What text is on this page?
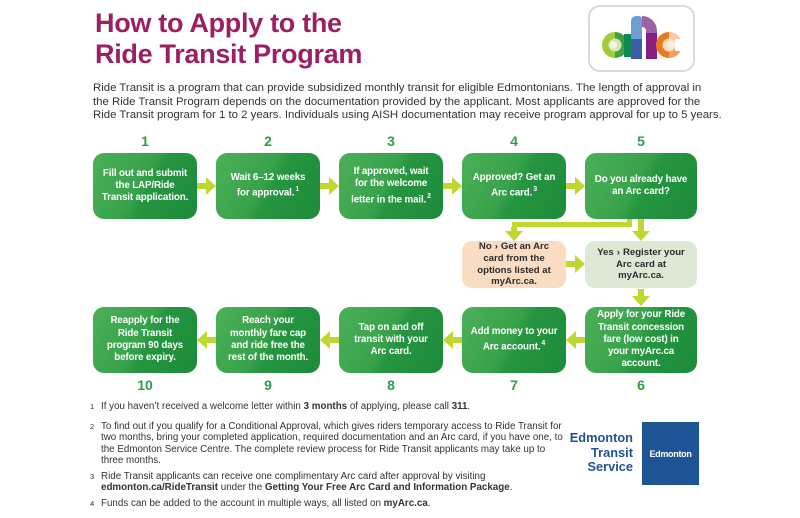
How to Apply to the
Ride Transit Program
Ride Transit is a program that can provide subsidized monthly transit for eligible Edmontonians. The length of approval in
the Ride Transit Program depends on the documentation provided by the applicant. Most applicants are approved for the
Ride Transit program for 1 to 2 years. Individuals using AISH documentation may receive program approval for up to 5 years.
1	2	3	4	5
Fill out and submit the LAP/Ride Transit application.
Wait 6–12 weeks for approval.$^1$
If approved, wait for the welcome letter in the mail.$^2$
Approved? Get an Arc card.$^3$
Do you already have an Arc card?
No › Get an Arc card from the options listed at myArc.ca.
Yes › Register your Arc card at myArc.ca.
Reapply for the Ride Transit program 90 days before expiry.
Reach your monthly fare cap and ride free the rest of the month.
Tap on and off transit with your Arc card.
Add money to your Arc account.$^4$
Apply for your Ride Transit concession fare (low cost) in your myArc.ca account.
10	9	8	7	6
$^1$ If you haven’t received a welcome letter within 3 months of applying, please call 311.
$^2$ To find out if you qualify for a Conditional Approval, which gives riders temporary access to Ride Transit for two months, bring your completed application, required documentation and an Arc card, if you have one, to the Edmonton Service Centre. The complete review process for Ride Transit applicants may take up to three months.
$^3$ Ride Transit applicants can receive one complimentary Arc card after approval by visiting edmonton.ca/RideTransit under the Getting Your Free Arc Card and Information Package.
$^4$ Funds can be added to the account in multiple ways, all listed on myArc.ca.
Edmonton
Transit
Service
Edmonton
